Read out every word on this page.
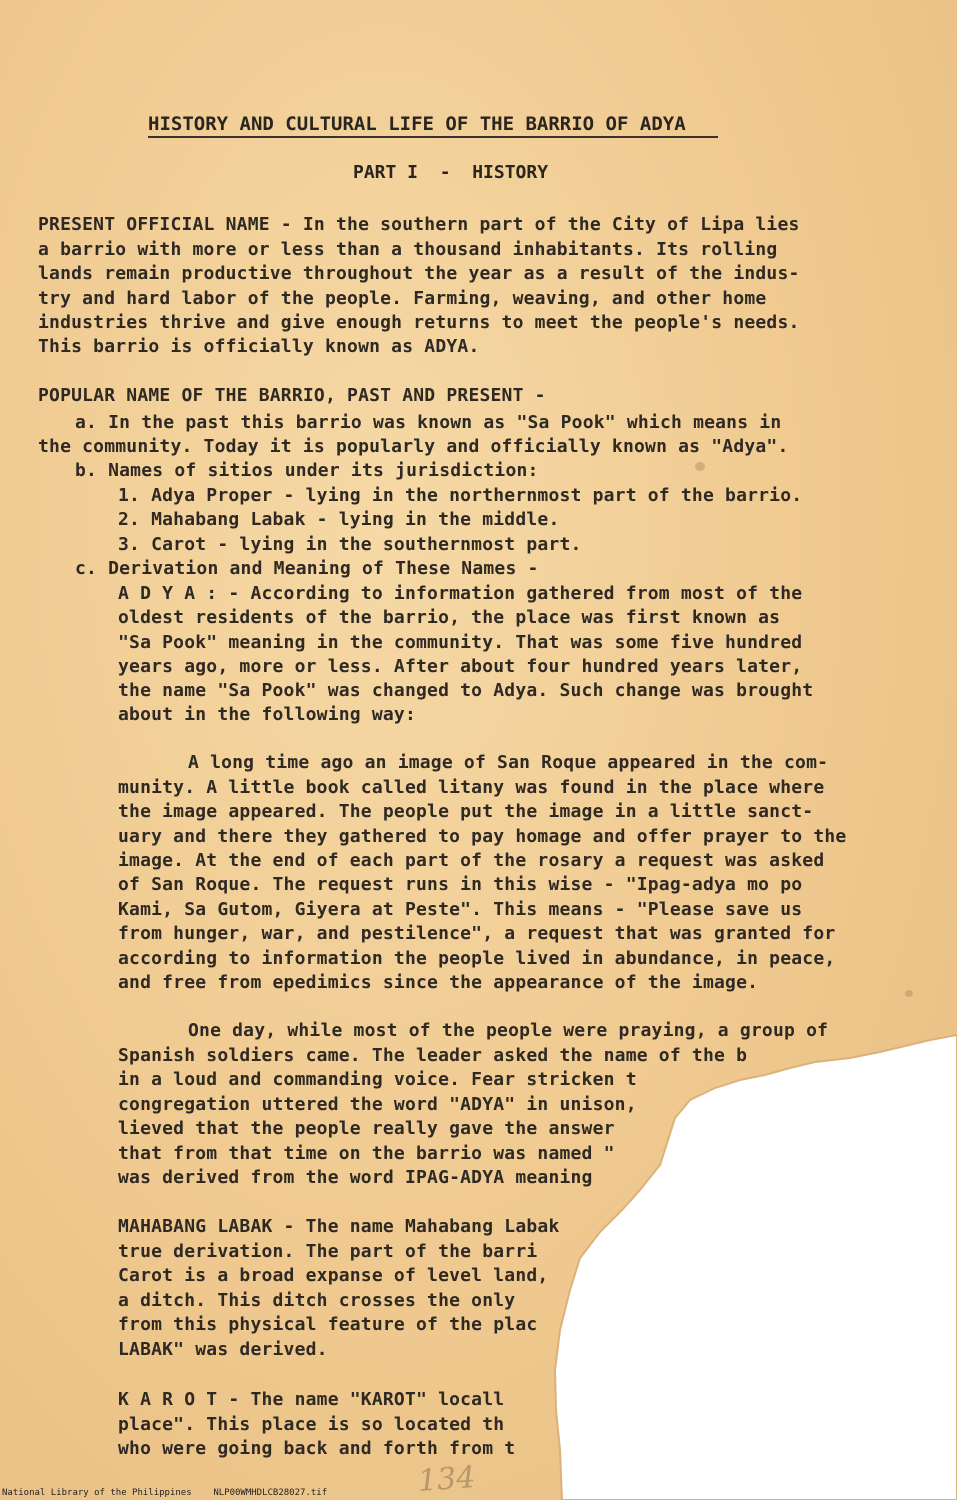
HISTORY AND CULTURAL LIFE OF THE BARRIO OF ADYA
PART I  -  HISTORY
PRESENT OFFICIAL NAME - In the southern part of the City of Lipa lies
a barrio with more or less than a thousand inhabitants. Its rolling
lands remain productive throughout the year as a result of the indus-
try and hard labor of the people. Farming, weaving, and other home
industries thrive and give enough returns to meet the people's needs.
This barrio is officially known as ADYA.
POPULAR NAME OF THE BARRIO, PAST AND PRESENT -
a. In the past this barrio was known as "Sa Pook" which means in
the community. Today it is popularly and officially known as "Adya".
b. Names of sitios under its jurisdiction:
1. Adya Proper - lying in the northernmost part of the barrio.
2. Mahabang Labak - lying in the middle.
3. Carot - lying in the southernmost part.
c. Derivation and Meaning of These Names -
A D Y A : - According to information gathered from most of the
oldest residents of the barrio, the place was first known as
"Sa Pook" meaning in the community. That was some five hundred
years ago, more or less. After about four hundred years later,
the name "Sa Pook" was changed to Adya. Such change was brought
about in the following way:
A long time ago an image of San Roque appeared in the com-
munity. A little book called litany was found in the place where
the image appeared. The people put the image in a little sanct-
uary and there they gathered to pay homage and offer prayer to the
image. At the end of each part of the rosary a request was asked
of San Roque. The request runs in this wise - "Ipag-adya mo po
Kami, Sa Gutom, Giyera at Peste". This means - "Please save us
from hunger, war, and pestilence", a request that was granted for
according to information the people lived in abundance, in peace,
and free from epedimics since the appearance of the image.
One day, while most of the people were praying, a group of
Spanish soldiers came. The leader asked the name of the b
in a loud and commanding voice. Fear stricken t
congregation uttered the word "ADYA" in unison,
lieved that the people really gave the answer
that from that time on the barrio was named "
was derived from the word IPAG-ADYA meaning
MAHABANG LABAK - The name Mahabang Labak
true derivation. The part of the barri
Carot is a broad expanse of level land,
a ditch. This ditch crosses the only
from this physical feature of the plac
LABAK" was derived.
K A R O T - The name "KAROT" locall
place". This place is so located th
who were going back and forth from t
134
National Library of the Philippines    NLP00WMHDLCB28027.tif
